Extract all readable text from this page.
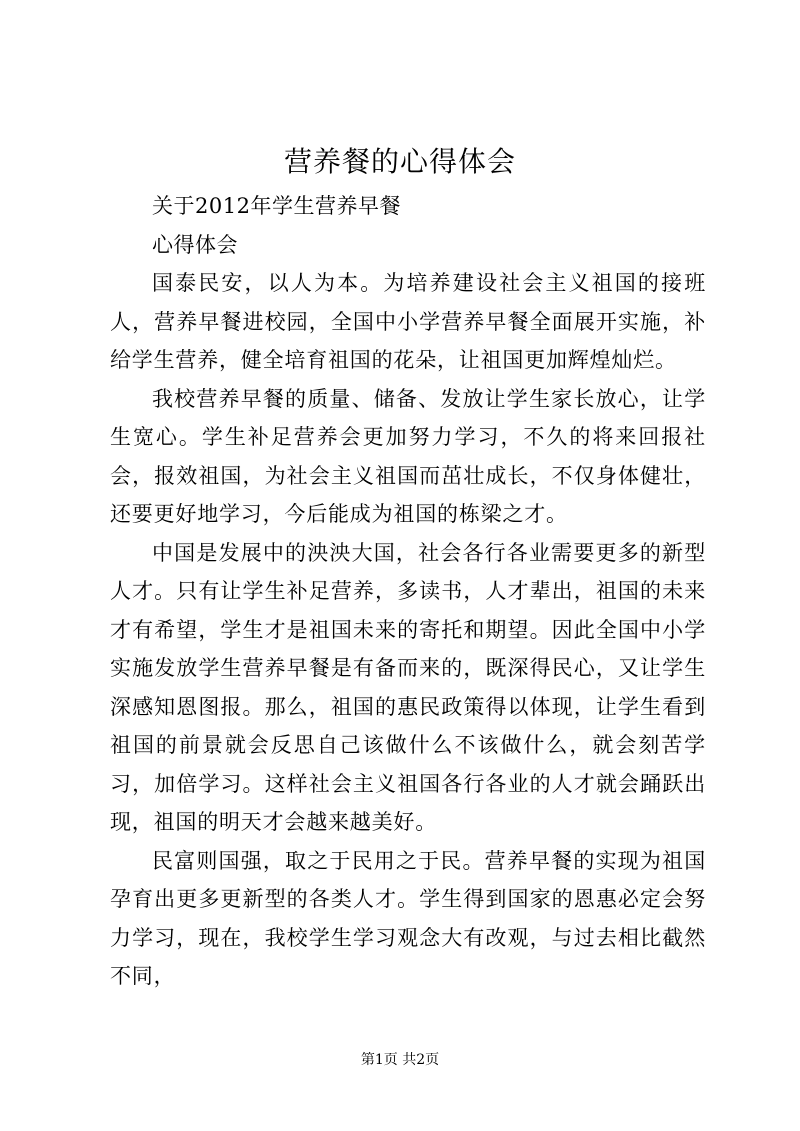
营养餐的心得体会

关于2012年学生营养早餐

心得体会

国泰民安，以人为本。为培养建设社会主义祖国的接班人，营养早餐进校园，全国中小学营养早餐全面展开实施，补给学生营养，健全培育祖国的花朵，让祖国更加辉煌灿烂。

我校营养早餐的质量、储备、发放让学生家长放心，让学生宽心。学生补足营养会更加努力学习，不久的将来回报社会，报效祖国，为社会主义祖国而茁壮成长，不仅身体健壮，还要更好地学习，今后能成为祖国的栋梁之才。

中国是发展中的泱泱大国，社会各行各业需要更多的新型人才。只有让学生补足营养，多读书，人才辈出，祖国的未来才有希望，学生才是祖国未来的寄托和期望。因此全国中小学实施发放学生营养早餐是有备而来的，既深得民心，又让学生深感知恩图报。那么，祖国的惠民政策得以体现，让学生看到祖国的前景就会反思自己该做什么不该做什么，就会刻苦学习，加倍学习。这样社会主义祖国各行各业的人才就会踊跃出现，祖国的明天才会越来越美好。

民富则国强，取之于民用之于民。营养早餐的实现为祖国孕育出更多更新型的各类人才。学生得到国家的恩惠必定会努力学习，现在，我校学生学习观念大有改观，与过去相比截然不同，

第1页 共2页
